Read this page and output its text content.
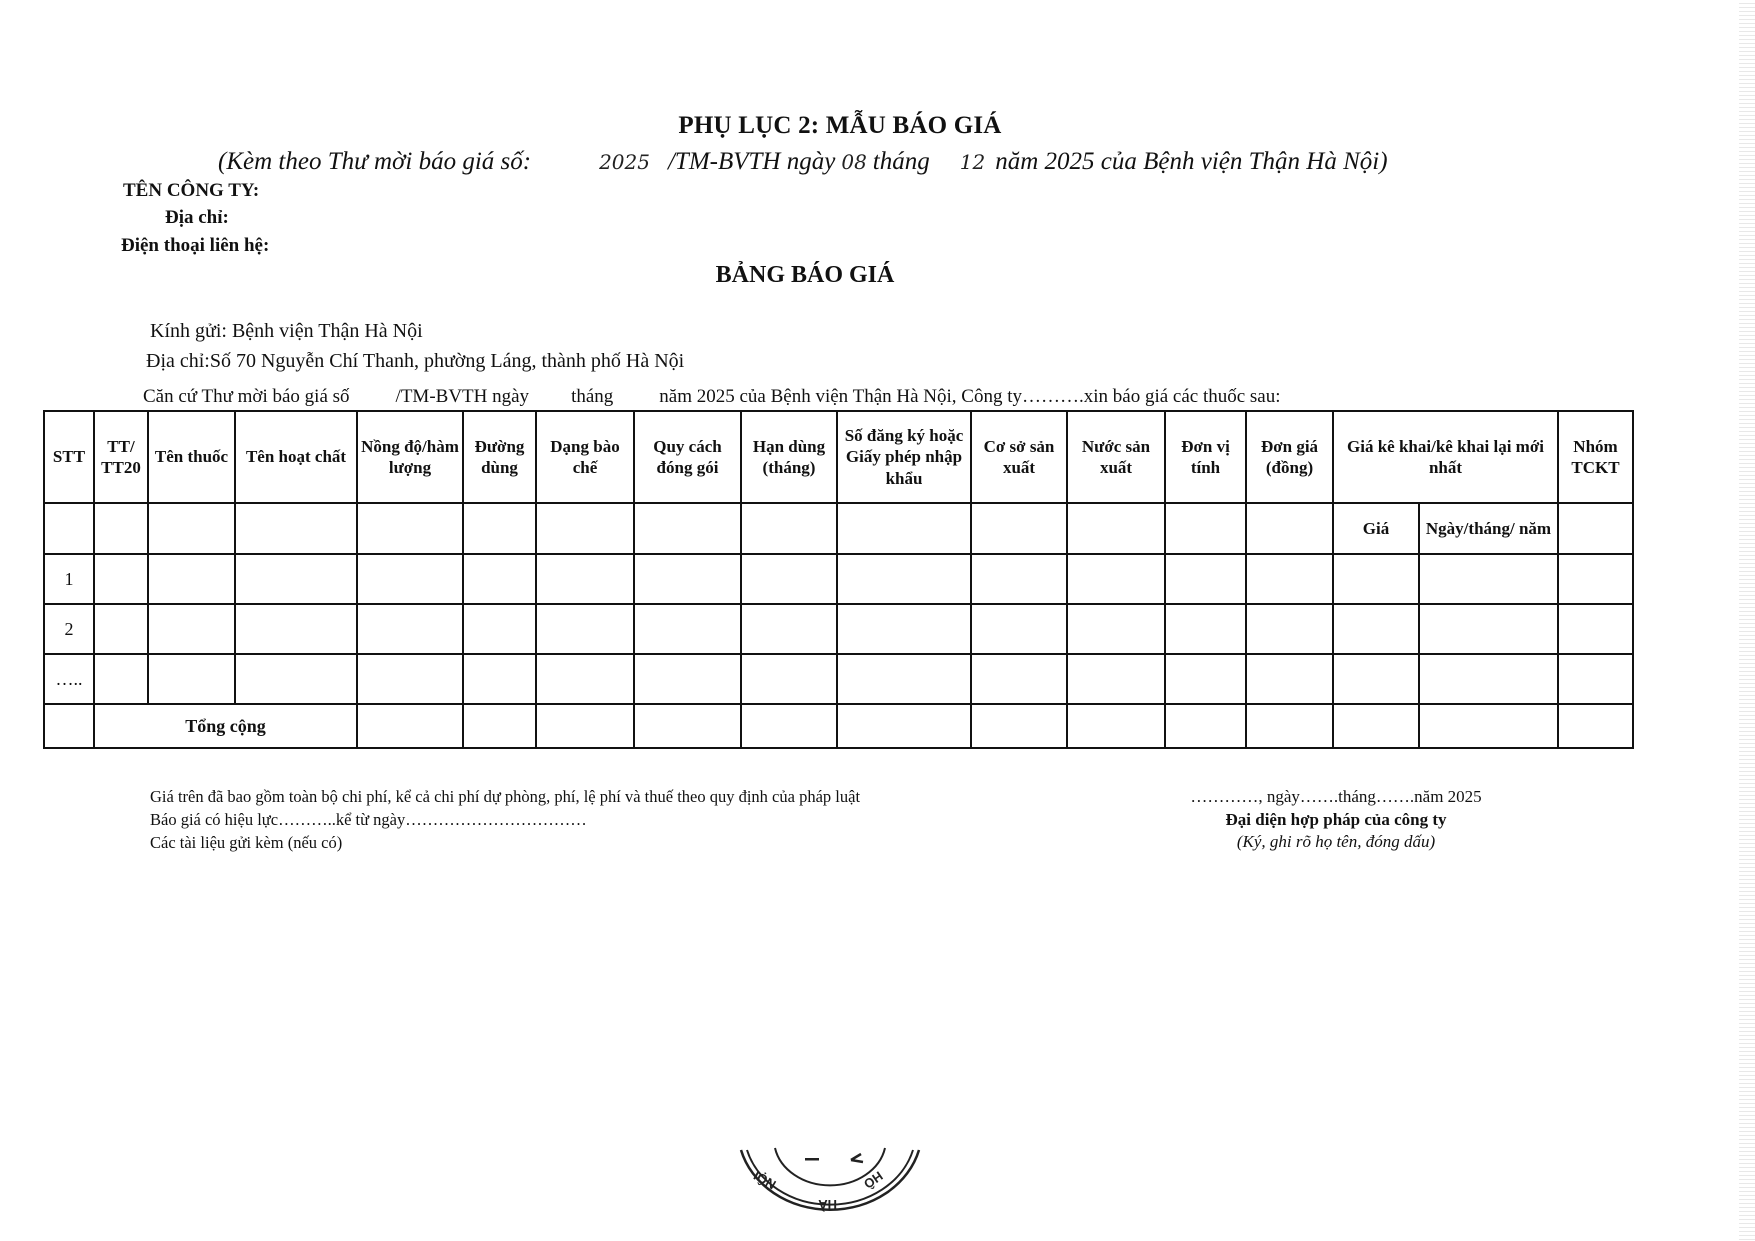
PHỤ LỤC 2: MẪU BÁO GIÁ
(Kèm theo Thư mời báo giá số:	2025 /TM-BVTH ngày 08 tháng 12 năm 2025 của Bệnh viện Thận Hà Nội)
TÊN CÔNG TY:
Địa chỉ:
Điện thoại liên hệ:
BẢNG BÁO GIÁ
Kính gửi: Bệnh viện Thận Hà Nội
Địa chỉ:Số 70 Nguyễn Chí Thanh, phường Láng, thành phố Hà Nội
Căn cứ Thư mời báo giá số /TM-BVTH ngày tháng năm 2025 của Bệnh viện Thận Hà Nội, Công ty……….xin báo giá các thuốc sau:
STT	TT/ TT20	Tên thuốc	Tên hoạt chất	Nồng độ/hàm lượng	Đường dùng	Dạng bào chế	Quy cách đóng gói	Hạn dùng (tháng)	Số đăng ký hoặc Giấy phép nhập khẩu	Cơ sở sản xuất	Nước sản xuất	Đơn vị tính	Đơn giá (đồng)	Giá kê khai/kê khai lại mới nhất		Nhóm TCKT
														Giá	Ngày/tháng/ năm	
1																
2																
…..																
	Tổng cộng															
Giá trên đã bao gồm toàn bộ chi phí, kể cả chi phí dự phòng, phí, lệ phí và thuế theo quy định của pháp luật
Báo giá có hiệu lực………..kể từ ngày……………………………
Các tài liệu gửi kèm (nếu có)
…………, ngày…….tháng…….năm 2025
Đại diện hợp pháp của công ty
(Ký, ghi rõ họ tên, đóng dấu)
NỘI
HÀ
HÔ
